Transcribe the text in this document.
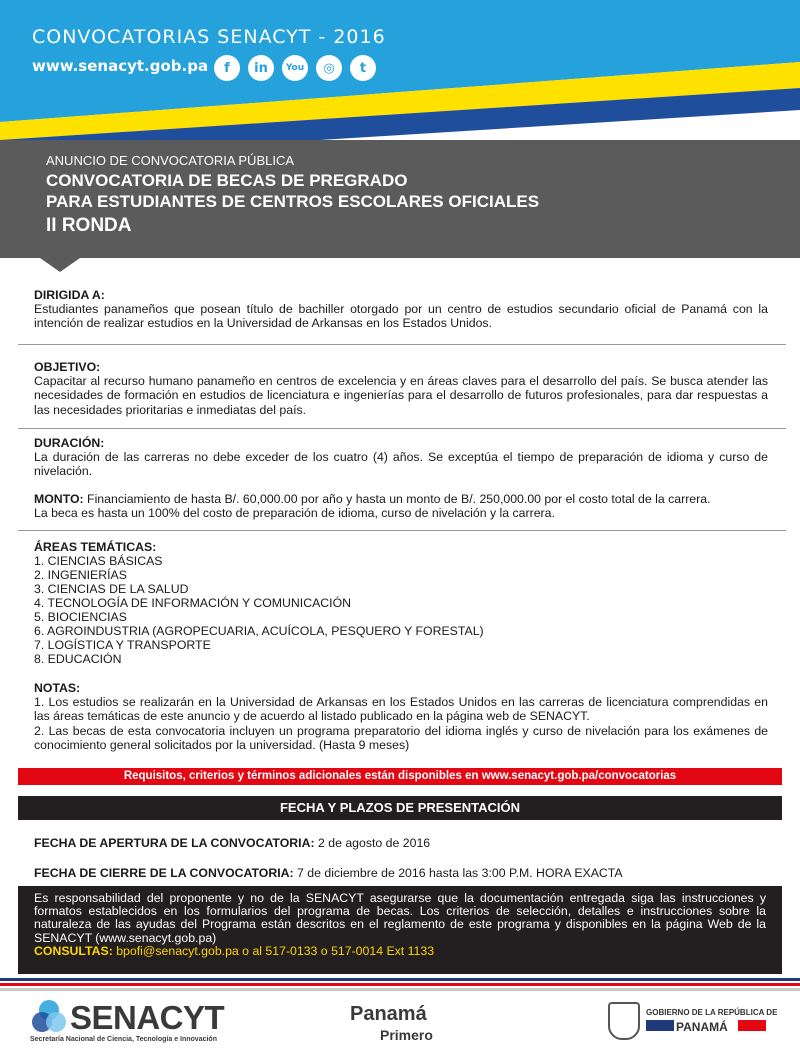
CONVOCATORIAS SENACYT - 2016
www.senacyt.gob.pa	f	in	You	◎	t
ANUNCIO DE CONVOCATORIA PÚBLICA
CONVOCATORIA DE BECAS DE PREGRADO
PARA ESTUDIANTES DE CENTROS ESCOLARES OFICIALES
II RONDA
DIRIGIDA A:
Estudiantes panameños que posean título de bachiller otorgado por un centro de estudios secundario oficial de Panamá con la intención de realizar estudios en la Universidad de Arkansas en los Estados Unidos.
OBJETIVO:
Capacitar al recurso humano panameño en centros de excelencia y en áreas claves para el desarrollo del país. Se busca atender las necesidades de formación en estudios de licenciatura e ingenierías para el desarrollo de futuros profesionales, para dar respuestas a las necesidades prioritarias e inmediatas del país.
DURACIÓN:
La duración de las carreras no debe exceder de los cuatro (4) años. Se exceptúa el tiempo de preparación de idioma y curso de nivelación.
MONTO: Financiamiento de hasta B/. 60,000.00 por año y hasta un monto de B/. 250,000.00 por el costo total de la carrera.
La beca es hasta un 100% del costo de preparación de idioma, curso de nivelación y la carrera.
ÁREAS TEMÁTICAS:
1. CIENCIAS BÁSICAS
2. INGENIERÍAS
3. CIENCIAS DE LA SALUD
4. TECNOLOGÍA DE INFORMACIÓN Y COMUNICACIÓN
5. BIOCIENCIAS
6. AGROINDUSTRIA (AGROPECUARIA, ACUÍCOLA, PESQUERO Y FORESTAL)
7. LOGÍSTICA Y TRANSPORTE
8. EDUCACIÓN
NOTAS:
1. Los estudios se realizarán en la Universidad de Arkansas en los Estados Unidos en las carreras de licenciatura comprendidas en las áreas temáticas de este anuncio y de acuerdo al listado publicado en la página web de SENACYT.
2. Las becas de esta convocatoria incluyen un programa preparatorio del idioma inglés y curso de nivelación para los exámenes de conocimiento general solicitados por la universidad. (Hasta 9 meses)
Requisitos, criterios y términos adicionales están disponibles en www.senacyt.gob.pa/convocatorias
FECHA Y PLAZOS DE PRESENTACIÓN
FECHA DE APERTURA DE LA CONVOCATORIA: 2 de agosto de 2016
FECHA DE CIERRE DE LA CONVOCATORIA: 7 de diciembre de 2016 hasta las 3:00 P.M. HORA EXACTA
Es responsabilidad del proponente y no de la SENACYT asegurarse que la documentación entregada siga las instrucciones y formatos establecidos en los formularios del programa de becas. Los criterios de selección, detalles e instrucciones sobre la naturaleza de las ayudas del Programa están descritos en el reglamento de este programa y disponibles en la página Web de la SENACYT (www.senacyt.gob.pa)
CONSULTAS: bpofi@senacyt.gob.pa o al 517-0133 o 517-0014 Ext 1133
SENACYT
Secretaría Nacional de Ciencia, Tecnología e Innovación
Panamá
Primero
GOBIERNO DE LA REPÚBLICA DE
PANAMÁ
